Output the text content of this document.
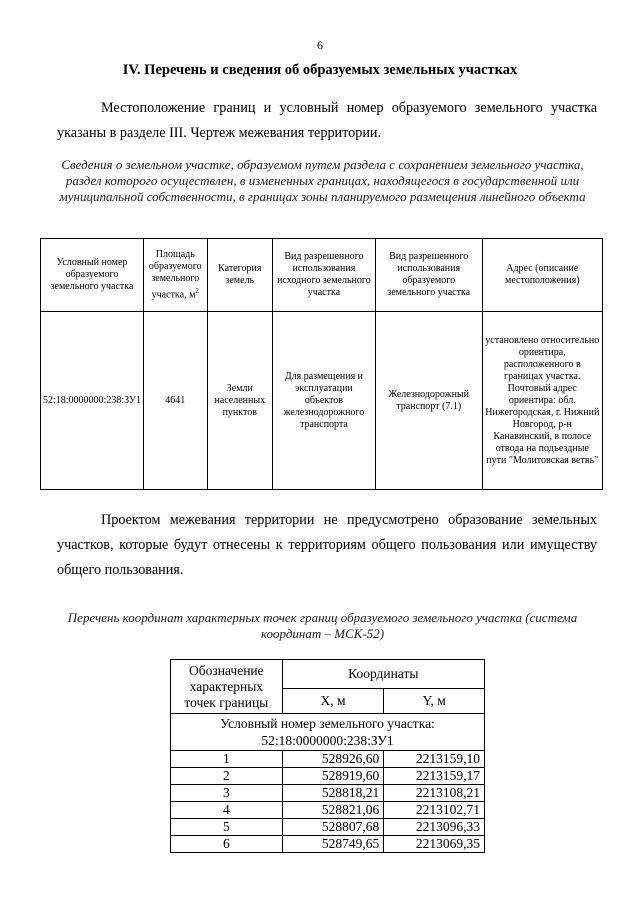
6
IV. Перечень и сведения об образуемых земельных участках
Местоположение границ и условный номер образуемого земельного участка указаны в разделе III. Чертеж межевания территории.
Сведения о земельном участке, образуемом путем раздела с сохранением земельного участка, раздел которого осуществлен, в измененных границах, находящегося в государственной или муниципальной собственности, в границах зоны планируемого размещения линейного объекта
Условный номер образуемого земельного участка	Площадь образуемого земельного участка, $м^2$	Категория земель	Вид разрешенного использования исходного земельного участка	Вид разрешенного использования образуемого земельного участка	Адрес (описание местоположения)
52:18:0000000:238:ЗУ1	4641	Земли населенных пунктов	Для размещения и эксплуатации объектов железнодорожного транспорта	Железнодорожный транспорт (7.1)	установлено относительно ориентира, расположенного в границах участка. Почтовый адрес ориентира: обл. Нижегородская, г. Нижний Новгород, р-н Канавинский, в полосе отвода на подъездные пути "Молитовская ветвь"
Проектом межевания территории не предусмотрено образование земельных участков, которые будут отнесены к территориям общего пользования или имуществу общего пользования.
Перечень координат характерных точек границ образуемого земельного участка (система координат – МСК-52)
Обозначение характерных точек границы	Координаты	
	X, м	Y, м
Условный номер земельного участка: 52:18:0000000:238:ЗУ1		
1	528926,60	2213159,10
2	528919,60	2213159,17
3	528818,21	2213108,21
4	528821,06	2213102,71
5	528807,68	2213096,33
6	528749,65	2213069,35
